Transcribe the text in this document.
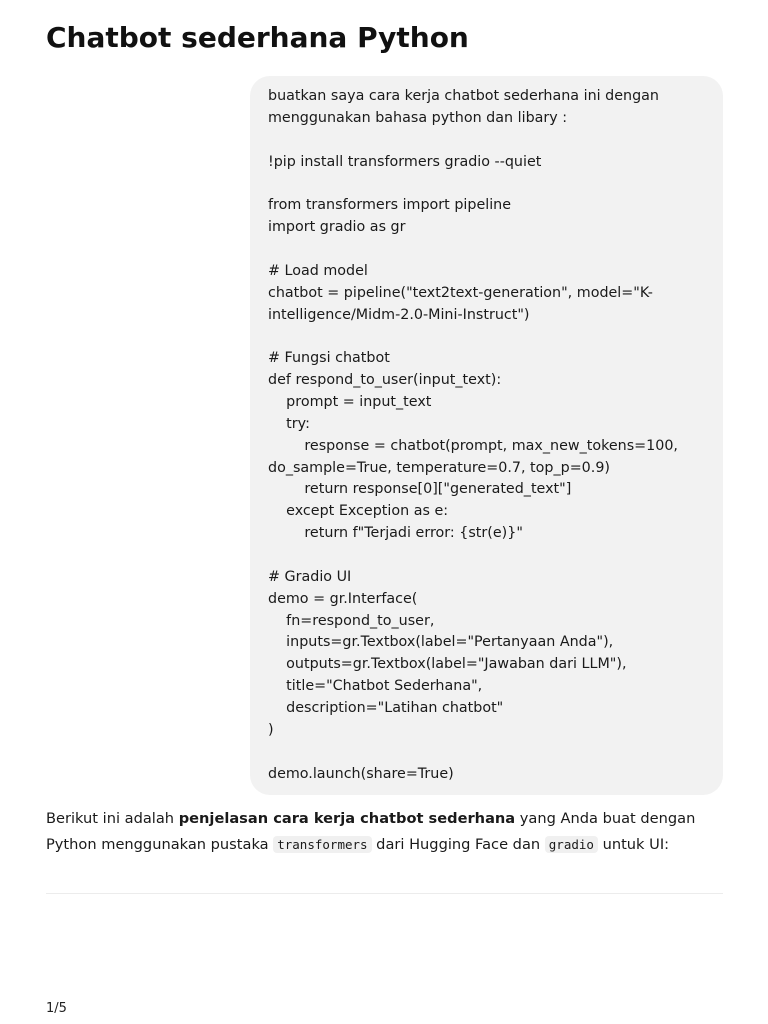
Chatbot sederhana Python
buatkan saya cara kerja chatbot sederhana ini dengan
menggunakan bahasa python dan libary :
!pip install transformers gradio --quiet
from transformers import pipeline
import gradio as gr
# Load model
chatbot = pipeline("text2text-generation", model="K-
intelligence/Midm-2.0-Mini-Instruct")
# Fungsi chatbot
def respond_to_user(input_text):
prompt = input_text
try:
response = chatbot(prompt, max_new_tokens=100,
do_sample=True, temperature=0.7, top_p=0.9)
return response[0]["generated_text"]
except Exception as e:
return f"Terjadi error: {str(e)}"
# Gradio UI
demo = gr.Interface(
fn=respond_to_user,
inputs=gr.Textbox(label="Pertanyaan Anda"),
outputs=gr.Textbox(label="Jawaban dari LLM"),
title="Chatbot Sederhana",
description="Latihan chatbot"
)
demo.launch(share=True)

Berikut ini adalah penjelasan cara kerja chatbot sederhana yang Anda buat dengan Python menggunakan pustaka transformers dari Hugging Face dan gradio untuk UI:

1/5
